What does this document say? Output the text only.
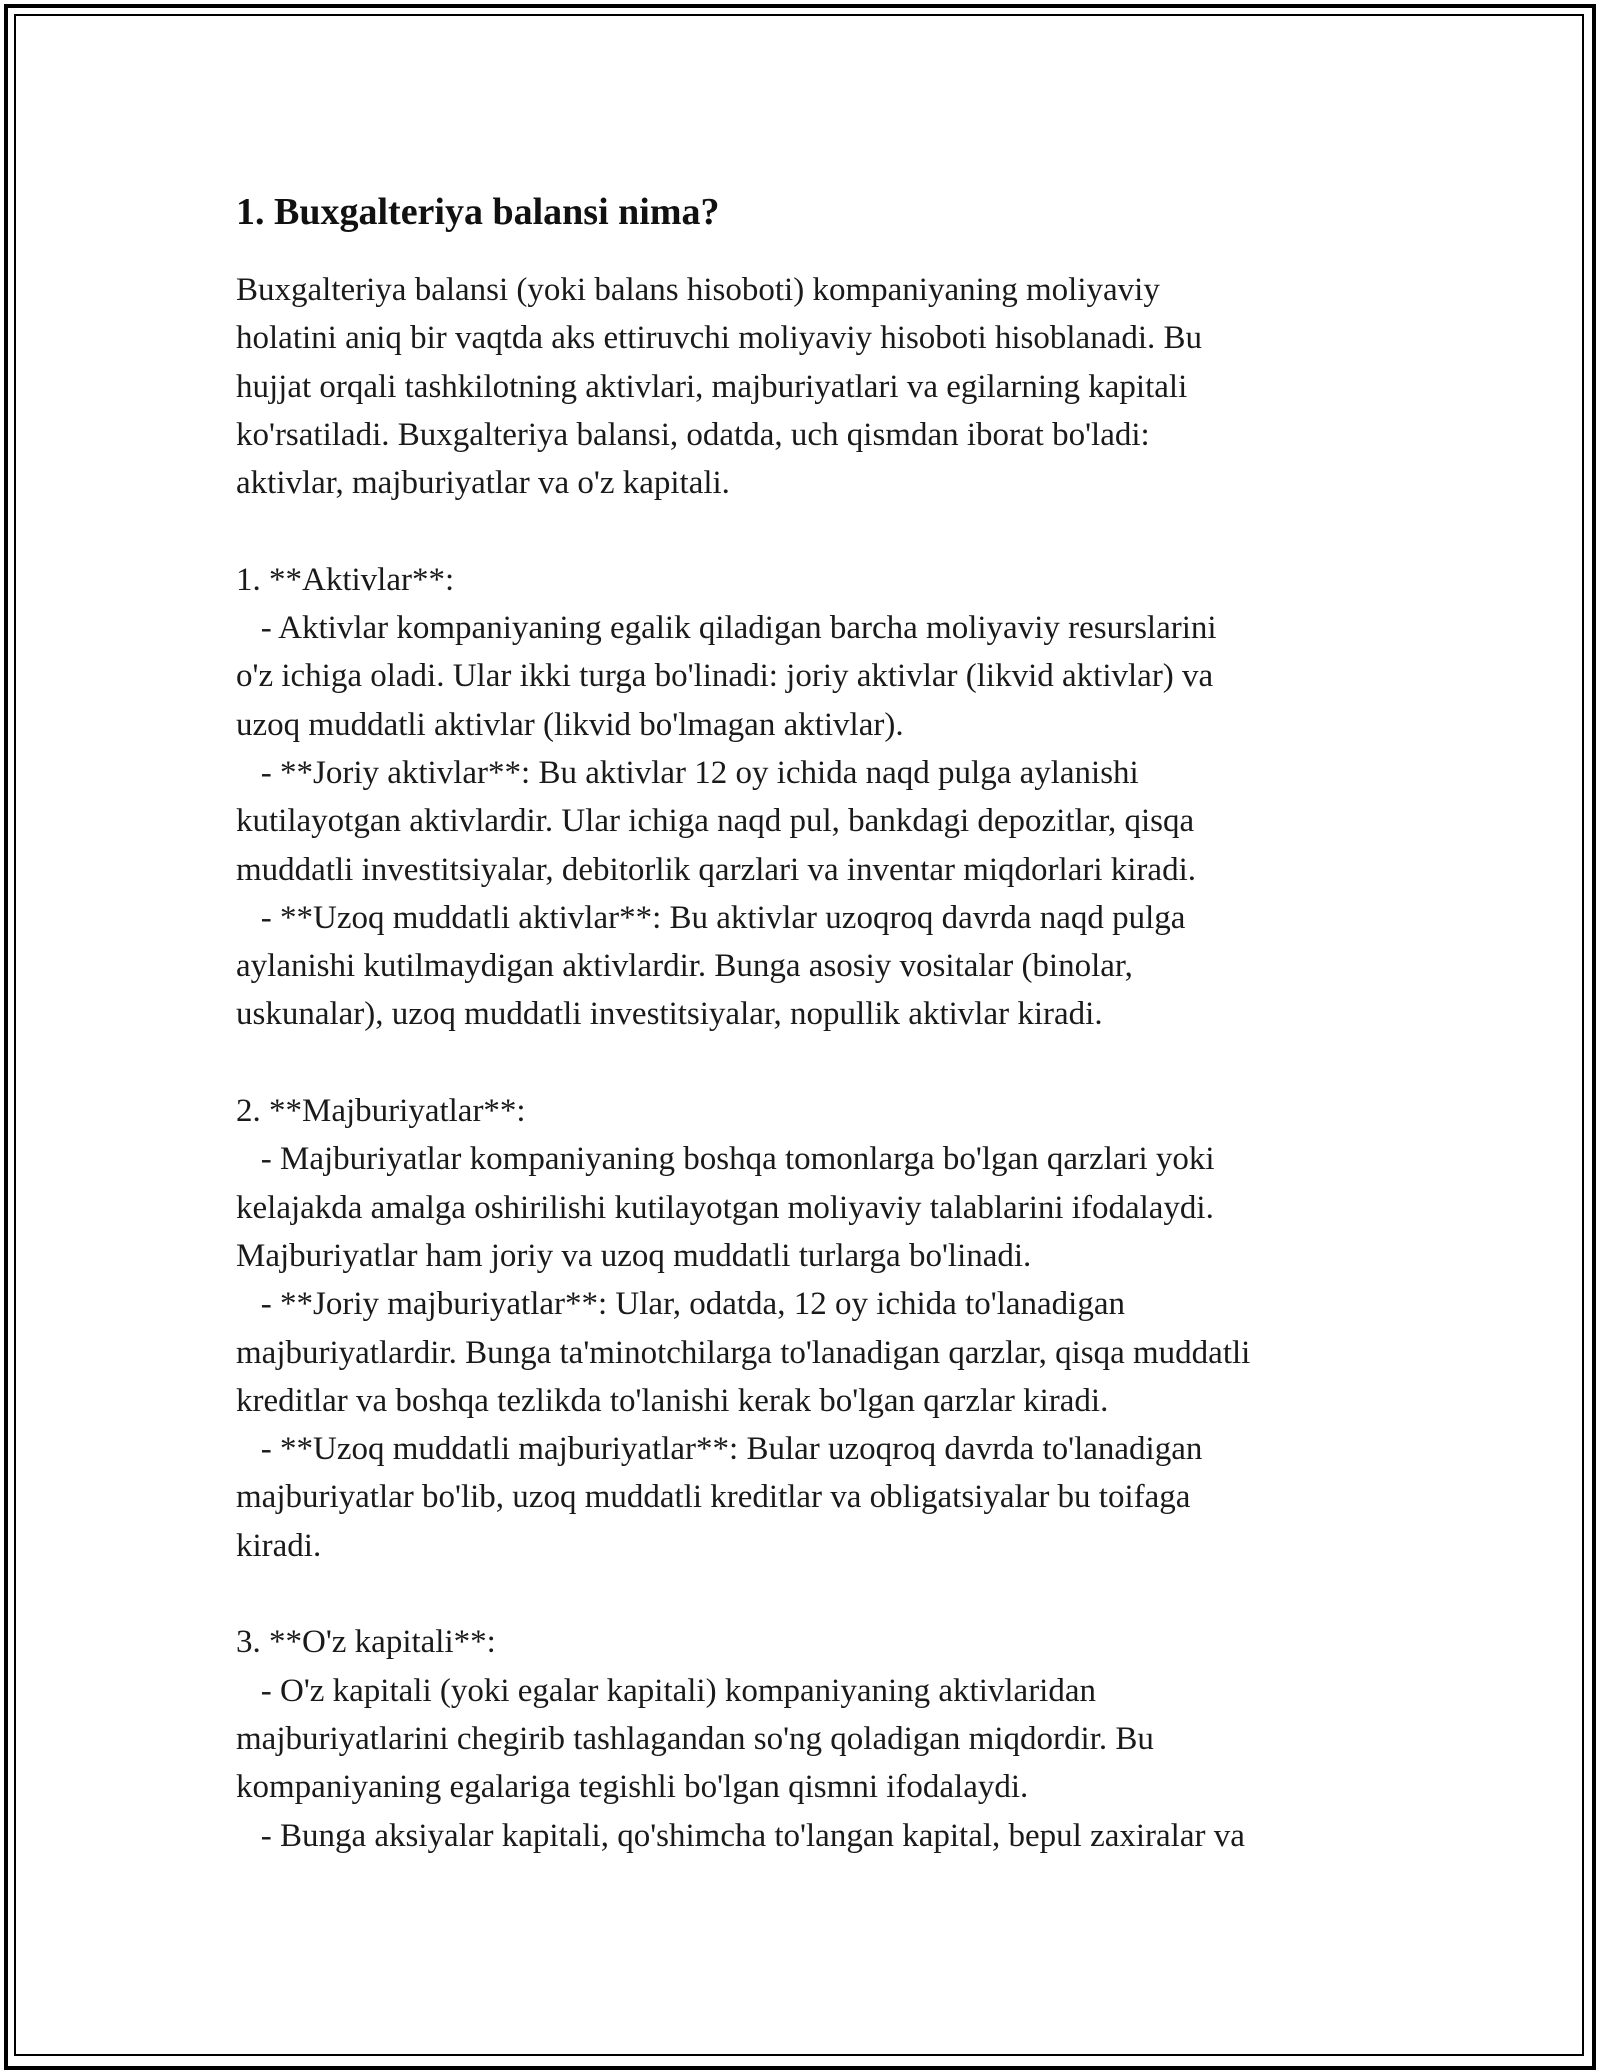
1. Buxgalteriya balansi nima?
Buxgalteriya balansi (yoki balans hisoboti) kompaniyaning moliyaviy
holatini aniq bir vaqtda aks ettiruvchi moliyaviy hisoboti hisoblanadi. Bu
hujjat orqali tashkilotning aktivlari, majburiyatlari va egilarning kapitali
ko'rsatiladi. Buxgalteriya balansi, odatda, uch qismdan iborat bo'ladi:
aktivlar, majburiyatlar va o'z kapitali.
1. **Aktivlar**:
- Aktivlar kompaniyaning egalik qiladigan barcha moliyaviy resurslarini
o'z ichiga oladi. Ular ikki turga bo'linadi: joriy aktivlar (likvid aktivlar) va
uzoq muddatli aktivlar (likvid bo'lmagan aktivlar).
- **Joriy aktivlar**: Bu aktivlar 12 oy ichida naqd pulga aylanishi
kutilayotgan aktivlardir. Ular ichiga naqd pul, bankdagi depozitlar, qisqa
muddatli investitsiyalar, debitorlik qarzlari va inventar miqdorlari kiradi.
- **Uzoq muddatli aktivlar**: Bu aktivlar uzoqroq davrda naqd pulga
aylanishi kutilmaydigan aktivlardir. Bunga asosiy vositalar (binolar,
uskunalar), uzoq muddatli investitsiyalar, nopullik aktivlar kiradi.
2. **Majburiyatlar**:
- Majburiyatlar kompaniyaning boshqa tomonlarga bo'lgan qarzlari yoki
kelajakda amalga oshirilishi kutilayotgan moliyaviy talablarini ifodalaydi.
Majburiyatlar ham joriy va uzoq muddatli turlarga bo'linadi.
- **Joriy majburiyatlar**: Ular, odatda, 12 oy ichida to'lanadigan
majburiyatlardir. Bunga ta'minotchilarga to'lanadigan qarzlar, qisqa muddatli
kreditlar va boshqa tezlikda to'lanishi kerak bo'lgan qarzlar kiradi.
- **Uzoq muddatli majburiyatlar**: Bular uzoqroq davrda to'lanadigan
majburiyatlar bo'lib, uzoq muddatli kreditlar va obligatsiyalar bu toifaga
kiradi.
3. **O'z kapitali**:
- O'z kapitali (yoki egalar kapitali) kompaniyaning aktivlaridan
majburiyatlarini chegirib tashlagandan so'ng qoladigan miqdordir. Bu
kompaniyaning egalariga tegishli bo'lgan qismni ifodalaydi.
- Bunga aksiyalar kapitali, qo'shimcha to'langan kapital, bepul zaxiralar va
